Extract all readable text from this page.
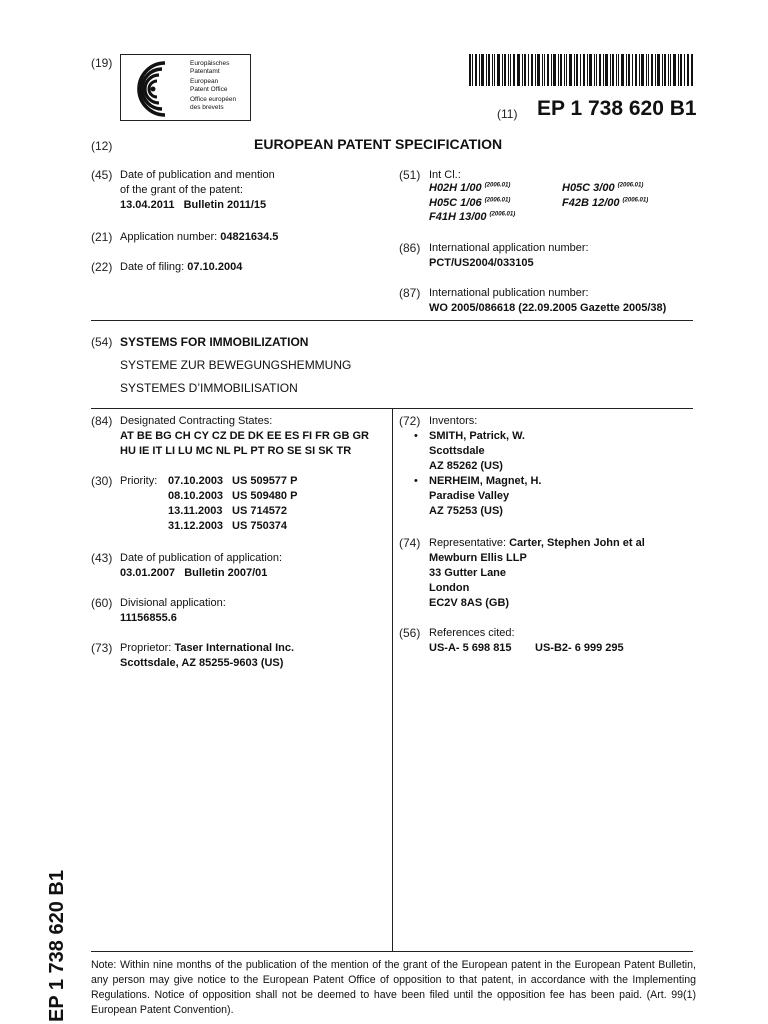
(19)	Europäisches
Patentamt
European
Patent Office
Office européen
des brevets	(11) EP 1 738 620 B1
(12)	EUROPEAN PATENT SPECIFICATION
(45) Date of publication and mention
of the grant of the patent:
13.04.2011   Bulletin 2011/15
(21) Application number: 04821634.5
(22) Date of filing: 07.10.2004
(51) Int Cl.:
H02H 1/00 $^{(2006.01)}$	H05C 3/00 $^{(2006.01)}$
H05C 1/06 $^{(2006.01)}$	F42B 12/00 $^{(2006.01)}$
F41H 13/00 $^{(2006.01)}$
(86) International application number:
PCT/US2004/033105
(87) International publication number:
WO 2005/086618 (22.09.2005 Gazette 2005/38)
(54) SYSTEMS FOR IMMOBILIZATION
SYSTEME ZUR BEWEGUNGSHEMMUNG
SYSTEMES D’IMMOBILISATION
(84) Designated Contracting States:
AT BE BG CH CY CZ DE DK EE ES FI FR GB GR
HU IE IT LI LU MC NL PL PT RO SE SI SK TR
(30) Priority: 07.10.2003 US 509577 P
08.10.2003 US 509480 P
13.11.2003 US 714572
31.12.2003 US 750374
(43) Date of publication of application:
03.01.2007   Bulletin 2007/01
(60) Divisional application:
11156855.6
(73) Proprietor: Taser International Inc.
Scottsdale, AZ 85255-9603 (US)
(72) Inventors:
• SMITH, Patrick, W.
Scottsdale
AZ 85262 (US)
• NERHEIM, Magnet, H.
Paradise Valley
AZ 75253 (US)
(74) Representative: Carter, Stephen John et al
Mewburn Ellis LLP
33 Gutter Lane
London
EC2V 8AS (GB)
(56) References cited:
US-A- 5 698 815 US-B2- 6 999 295
EP 1 738 620 B1 Note: Within nine months of the publication of the mention of the grant of the European patent in the European Patent Bulletin, any person may give notice to the European Patent Office of opposition to that patent, in accordance with the Implementing Regulations. Notice of opposition shall not be deemed to have been filed until the opposition fee has been paid. (Art. 99(1) European Patent Convention).
